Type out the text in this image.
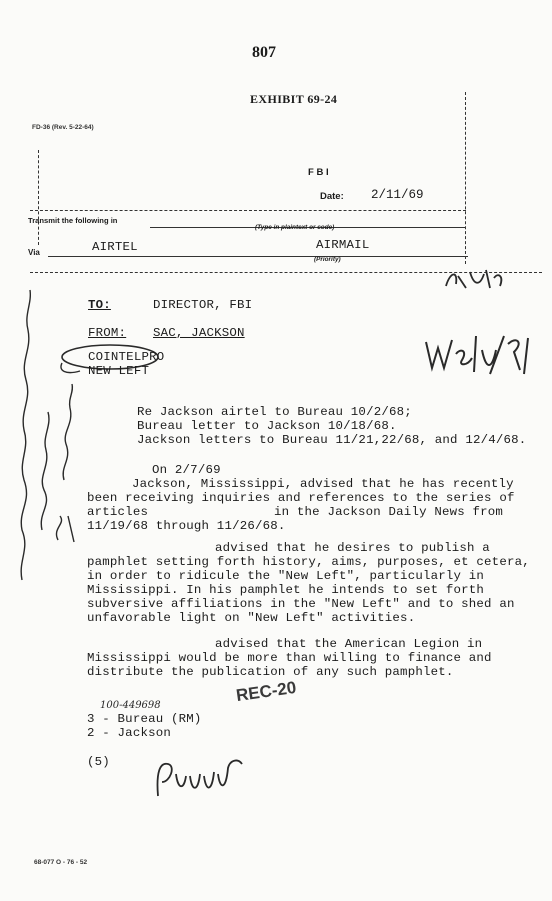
807
EXHIBIT 69-24
FD-36 (Rev. 5-22-64)
F B I
Date: 2/11/69
Transmit the following in
(Type in plaintext or code)
Via	AIRTEL	AIRMAIL
(Priority)
TO:	DIRECTOR, FBI
FROM: SAC, JACKSON
COINTELPRO
NEW LEFT
Re Jackson airtel to Bureau 10/2/68;
Bureau letter to Jackson 10/18/68.
Jackson letters to Bureau 11/21,22/68, and 12/4/68.
On 2/7/69
Jackson, Mississippi, advised that he has recently
been receiving inquiries and references to the series of
articles	in the Jackson Daily News from
11/19/68 through 11/26/68.
advised that he desires to publish a
pamphlet setting forth history, aims, purposes, et cetera,
in order to ridicule the "New Left", particularly in
Mississippi. In his pamphlet he intends to set forth
subversive affiliations in the "New Left" and to shed an
unfavorable light on "New Left" activities.
advised that the American Legion in
Mississippi would be more than willing to finance and
distribute the publication of any such pamphlet.
REC-20
100-449698
3 - Bureau (RM)
2 - Jackson
(5)
68-077 O - 76 - 52
